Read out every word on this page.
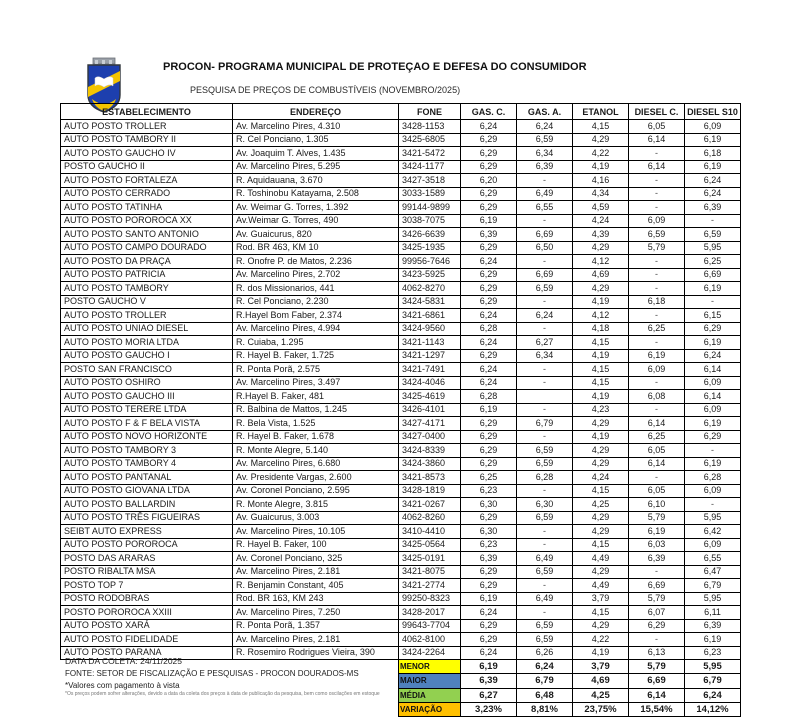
PROCON- PROGRAMA MUNICIPAL DE PROTEÇAO E DEFESA DO CONSUMIDOR
PESQUISA DE PREÇOS DE COMBUSTÍVEIS (NOVEMBRO/2025)
ESTABELECIMENTO	ENDEREÇO	FONE	GAS. C.	GAS. A.	ETANOL	DIESEL C.	DIESEL S10
AUTO POSTO TROLLER	Av. Marcelino Pires, 4.310	3428-1153	6,24	6,24	4,15	6,05	6,09
AUTO POSTO TAMBORY II	R. Cel Ponciano, 1.305	3425-6805	6,29	6,59	4,29	6,14	6,19
AUTO POSTO GAUCHO IV	Av. Joaquim T. Alves, 1.435	3421-5472	6,29	6,34	4,22	-	6,18
POSTO GAUCHO II	Av. Marcelino Pires, 5.295	3424-1177	6,29	6,39	4,19	6,14	6,19
AUTO POSTO FORTALEZA	R. Aquidauana, 3.670	3427-3518	6,20	-	4,16	-	6,24
AUTO POSTO CERRADO	R. Toshinobu Katayama, 2.508	3033-1589	6,29	6,49	4,34	-	6,24
AUTO POSTO TATINHA	Av. Weimar G. Torres, 1.392	99144-9899	6,29	6,55	4,59	-	6,39
AUTO POSTO POROROCA XX	Av.Weimar G. Torres, 490	3038-7075	6,19	-	4,24	6,09	-
AUTO POSTO SANTO ANTONIO	Av. Guaicurus, 820	3426-6639	6,39	6,69	4,39	6,59	6,59
AUTO POSTO CAMPO DOURADO	Rod. BR 463, KM 10	3425-1935	6,29	6,50	4,29	5,79	5,95
AUTO POSTO DA PRAÇA	R. Onofre P. de Matos, 2.236	99956-7646	6,24	-	4,12	-	6,25
AUTO POSTO PATRICIA	Av. Marcelino Pires, 2.702	3423-5925	6,29	6,69	4,69	-	6,69
AUTO POSTO TAMBORY	R. dos Missionarios, 441	4062-8270	6,29	6,59	4,29	-	6,19
POSTO GAUCHO V	R. Cel Ponciano, 2.230	3424-5831	6,29	-	4,19	6,18	-
AUTO POSTO TROLLER	R.Hayel Bom Faber, 2.374	3421-6861	6,24	6,24	4,12	-	6,15
AUTO POSTO UNIAO DIESEL	Av. Marcelino Pires, 4.994	3424-9560	6,28	-	4,18	6,25	6,29
AUTO POSTO MORIA LTDA	R. Cuiaba, 1.295	3421-1143	6,24	6,27	4,15	-	6,19
AUTO POSTO GAUCHO I	R. Hayel B. Faker, 1.725	3421-1297	6,29	6,34	4,19	6,19	6,24
POSTO SAN FRANCISCO	R. Ponta Porã, 2.575	3421-7491	6,24	-	4,15	6,09	6,14
AUTO POSTO OSHIRO	Av. Marcelino Pires, 3.497	3424-4046	6,24	-	4,15	-	6,09
AUTO POSTO GAUCHO III	R.Hayel B. Faker, 481	3425-4619	6,28		4,19	6,08	6,14
AUTO POSTO TERERE LTDA	R. Balbina de Mattos, 1.245	3426-4101	6,19	-	4,23	-	6,09
AUTO POSTO F & F BELA VISTA	R. Bela Vista, 1.525	3427-4171	6,29	6,79	4,29	6,14	6,19
AUTO POSTO NOVO HORIZONTE	R. Hayel B. Faker, 1.678	3427-0400	6,29	-	4,19	6,25	6,29
AUTO POSTO TAMBORY 3	R. Monte Alegre, 5.140	3424-8339	6,29	6,59	4,29	6,05	-
AUTO POSTO TAMBORY 4	Av. Marcelino Pires, 6.680	3424-3860	6,29	6,59	4,29	6,14	6,19
AUTO POSTO PANTANAL	Av. Presidente Vargas, 2.600	3421-8573	6,25	6,28	4,24	-	6,28
AUTO POSTO GIOVANA LTDA	Av. Coronel Ponciano, 2.595	3428-1819	6,23	-	4,15	6,05	6,09
AUTO POSTO BALLARDIN	R. Monte Alegre, 3.815	3421-0267	6,30	6,30	4,25	6,10	-
AUTO POSTO TRÊS FIGUEIRAS	Av. Guaicurus, 3.003	4062-8260	6,29	6,59	4,29	5,79	5,95
SEIBT AUTO EXPRESS	Av. Marcelino Pires, 10.105	3410-4410	6,30	-	4,29	6,19	6,42
AUTO POSTO POROROCA	R. Hayel B. Faker, 100	3425-0564	6,23	-	4,15	6,03	6,09
POSTO DAS ARARAS	Av. Coronel Ponciano, 325	3425-0191	6,39	6,49	4,49	6,39	6,55
POSTO RIBALTA MSA	Av. Marcelino Pires, 2.181	3421-8075	6,29	6,59	4,29	-	6,47
POSTO TOP 7	R. Benjamin Constant, 405	3421-2774	6,29	-	4,49	6,69	6,79
POSTO RODOBRAS	Rod. BR 163, KM 243	99250-8323	6,19	6,49	3,79	5,79	5,95
POSTO POROROCA XXIII	Av. Marcelino Pires, 7.250	3428-2017	6,24	-	4,15	6,07	6,11
AUTO POSTO XARÁ	R. Ponta Porã, 1.357	99643-7704	6,29	6,59	4,29	6,29	6,39
AUTO POSTO FIDELIDADE	Av. Marcelino Pires, 2.181	4062-8100	6,29	6,59	4,22	-	6,19
AUTO POSTO PARANA	R. Rosemiro Rodrigues Vieira, 390	3424-2264	6,24	6,26	4,19	6,13	6,23
		MENOR	6,19	6,24	3,79	5,79	5,95
		MAIOR	6,39	6,79	4,69	6,69	6,79
		MÉDIA	6,27	6,48	4,25	6,14	6,24
		VARIAÇÃO	3,23%	8,81%	23,75%	15,54%	14,12%
DATA DA COLETA: 24/11/2025
FONTE: SETOR DE FISCALIZAÇÃO E PESQUISAS - PROCON DOURADOS-MS
*Valores com pagamento à vista
*Os preços podem sofrer alterações, devido a data da coleta dos preços à data de publicação da pesquisa, bem como oscilações em estoque
